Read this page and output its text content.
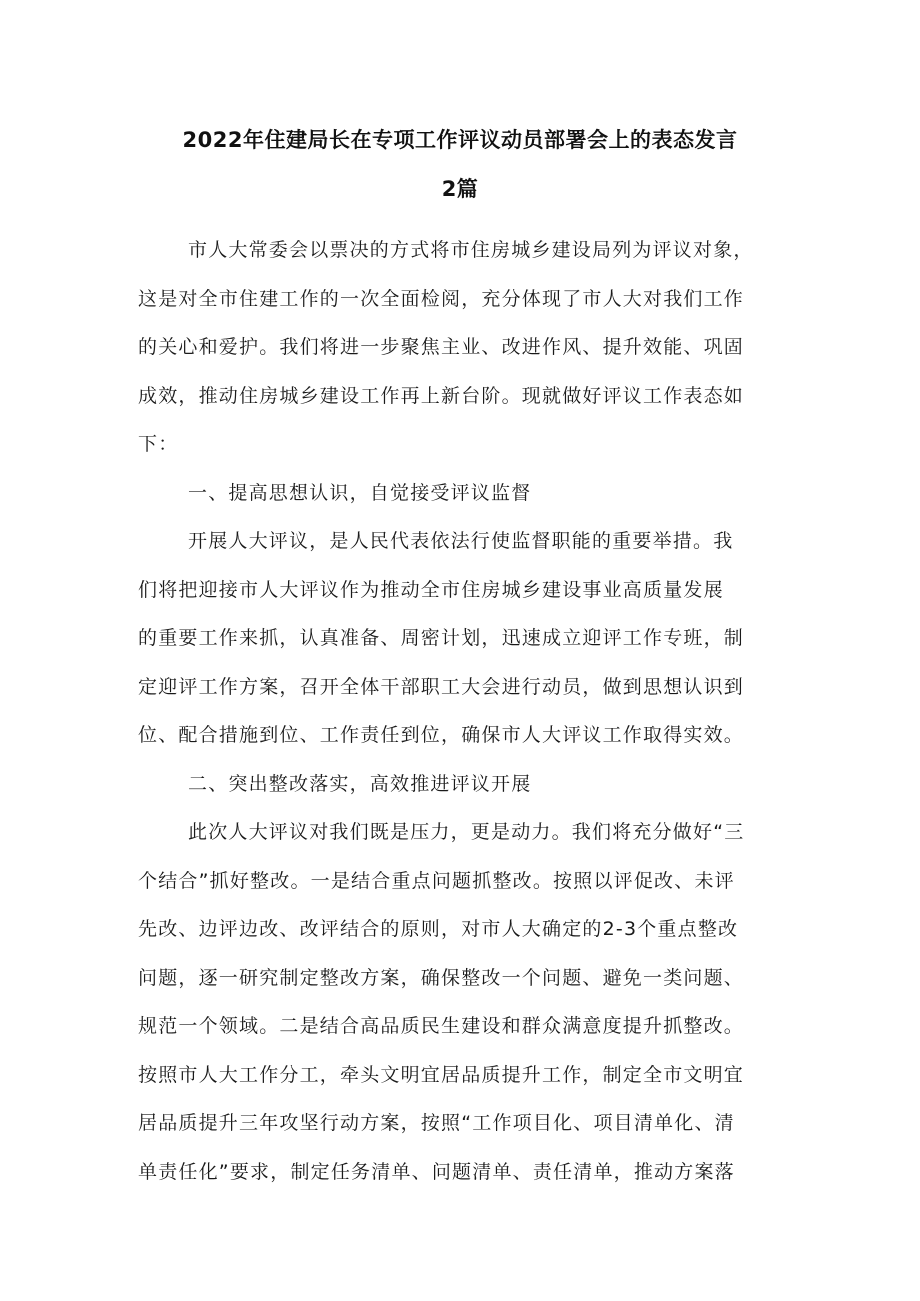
2022年住建局长在专项工作评议动员部署会上的表态发言
2篇
市人大常委会以票决的方式将市住房城乡建设局列为评议对象，
这是对全市住建工作的一次全面检阅，充分体现了市人大对我们工作
的关心和爱护。我们将进一步聚焦主业、改进作风、提升效能、巩固
成效，推动住房城乡建设工作再上新台阶。现就做好评议工作表态如
下：
一、提高思想认识，自觉接受评议监督
开展人大评议，是人民代表依法行使监督职能的重要举措。我
们将把迎接市人大评议作为推动全市住房城乡建设事业高质量发展
的重要工作来抓，认真准备、周密计划，迅速成立迎评工作专班，制
定迎评工作方案，召开全体干部职工大会进行动员，做到思想认识到
位、配合措施到位、工作责任到位，确保市人大评议工作取得实效。
二、突出整改落实，高效推进评议开展
此次人大评议对我们既是压力，更是动力。我们将充分做好“三
个结合”抓好整改。一是结合重点问题抓整改。按照以评促改、未评
先改、边评边改、改评结合的原则，对市人大确定的2-3个重点整改
问题，逐一研究制定整改方案，确保整改一个问题、避免一类问题、
规范一个领域。二是结合高品质民生建设和群众满意度提升抓整改。
按照市人大工作分工，牵头文明宜居品质提升工作，制定全市文明宜
居品质提升三年攻坚行动方案，按照“工作项目化、项目清单化、清
单责任化”要求，制定任务清单、问题清单、责任清单，推动方案落
